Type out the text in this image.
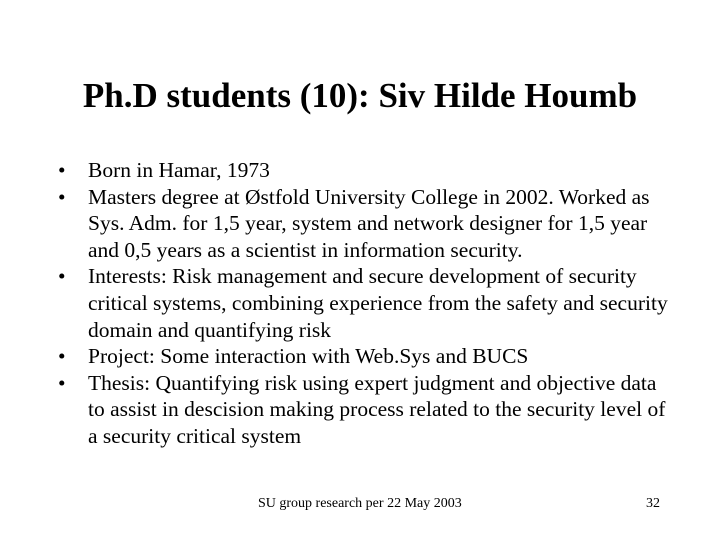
Ph.D students (10): Siv Hilde Houmb
•	Born in Hamar, 1973
•	Masters degree at Østfold University College in 2002. Worked as Sys. Adm. for 1,5 year, system and network designer for 1,5 year and 0,5 years as a scientist in information security.
•	Interests: Risk management and secure development of security critical systems, combining experience from the safety and security domain and quantifying risk
•	Project: Some interaction with Web.Sys and BUCS
•	Thesis: Quantifying risk using expert judgment and objective data to assist in descision making process related to the security level of a security critical system
SU group research per 22 May 2003	32
